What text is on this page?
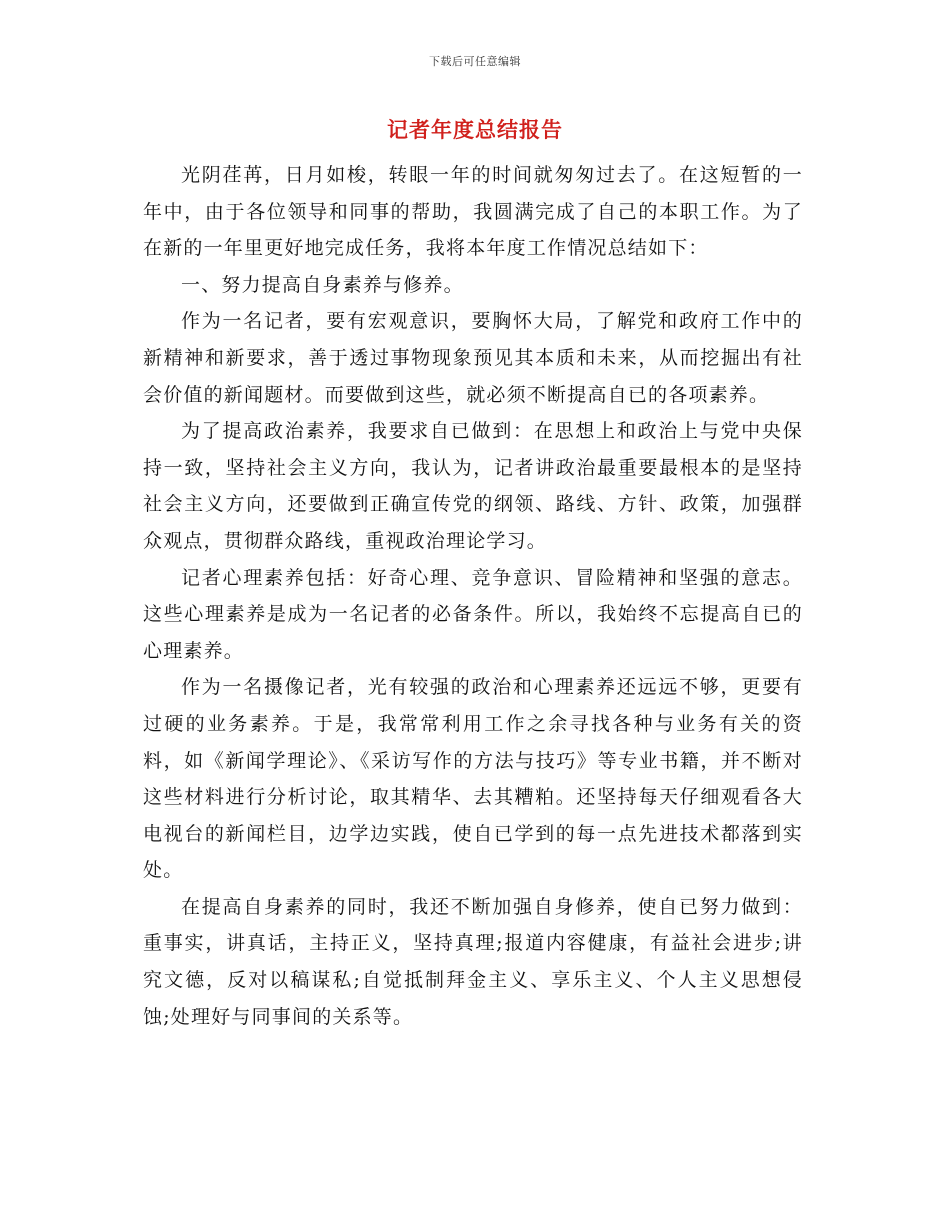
下载后可任意编辑
记者年度总结报告

光阴荏苒，日月如梭，转眼一年的时间就匆匆过去了。在这短暂的一年中，由于各位领导和同事的帮助，我圆满完成了自己的本职工作。为了在新的一年里更好地完成任务，我将本年度工作情况总结如下：

一、努力提高自身素养与修养。

作为一名记者，要有宏观意识，要胸怀大局，了解党和政府工作中的新精神和新要求，善于透过事物现象预见其本质和未来，从而挖掘出有社会价值的新闻题材。而要做到这些，就必须不断提高自已的各项素养。

为了提高政治素养，我要求自已做到：在思想上和政治上与党中央保持一致，坚持社会主义方向，我认为，记者讲政治最重要最根本的是坚持社会主义方向，还要做到正确宣传党的纲领、路线、方针、政策，加强群众观点，贯彻群众路线，重视政治理论学习。

记者心理素养包括：好奇心理、竞争意识、冒险精神和坚强的意志。这些心理素养是成为一名记者的必备条件。所以，我始终不忘提高自已的心理素养。

作为一名摄像记者，光有较强的政治和心理素养还远远不够，更要有过硬的业务素养。于是，我常常利用工作之余寻找各种与业务有关的资料，如《新闻学理论》、《采访写作的方法与技巧》等专业书籍，并不断对这些材料进行分析讨论，取其精华、去其糟粕。还坚持每天仔细观看各大电视台的新闻栏目，边学边实践，使自已学到的每一点先进技术都落到实处。

在提高自身素养的同时，我还不断加强自身修养，使自已努力做到：重事实，讲真话，主持正义，坚持真理;报道内容健康，有益社会进步;讲究文德，反对以稿谋私;自觉抵制拜金主义、享乐主义、个人主义思想侵蚀;处理好与同事间的关系等。
